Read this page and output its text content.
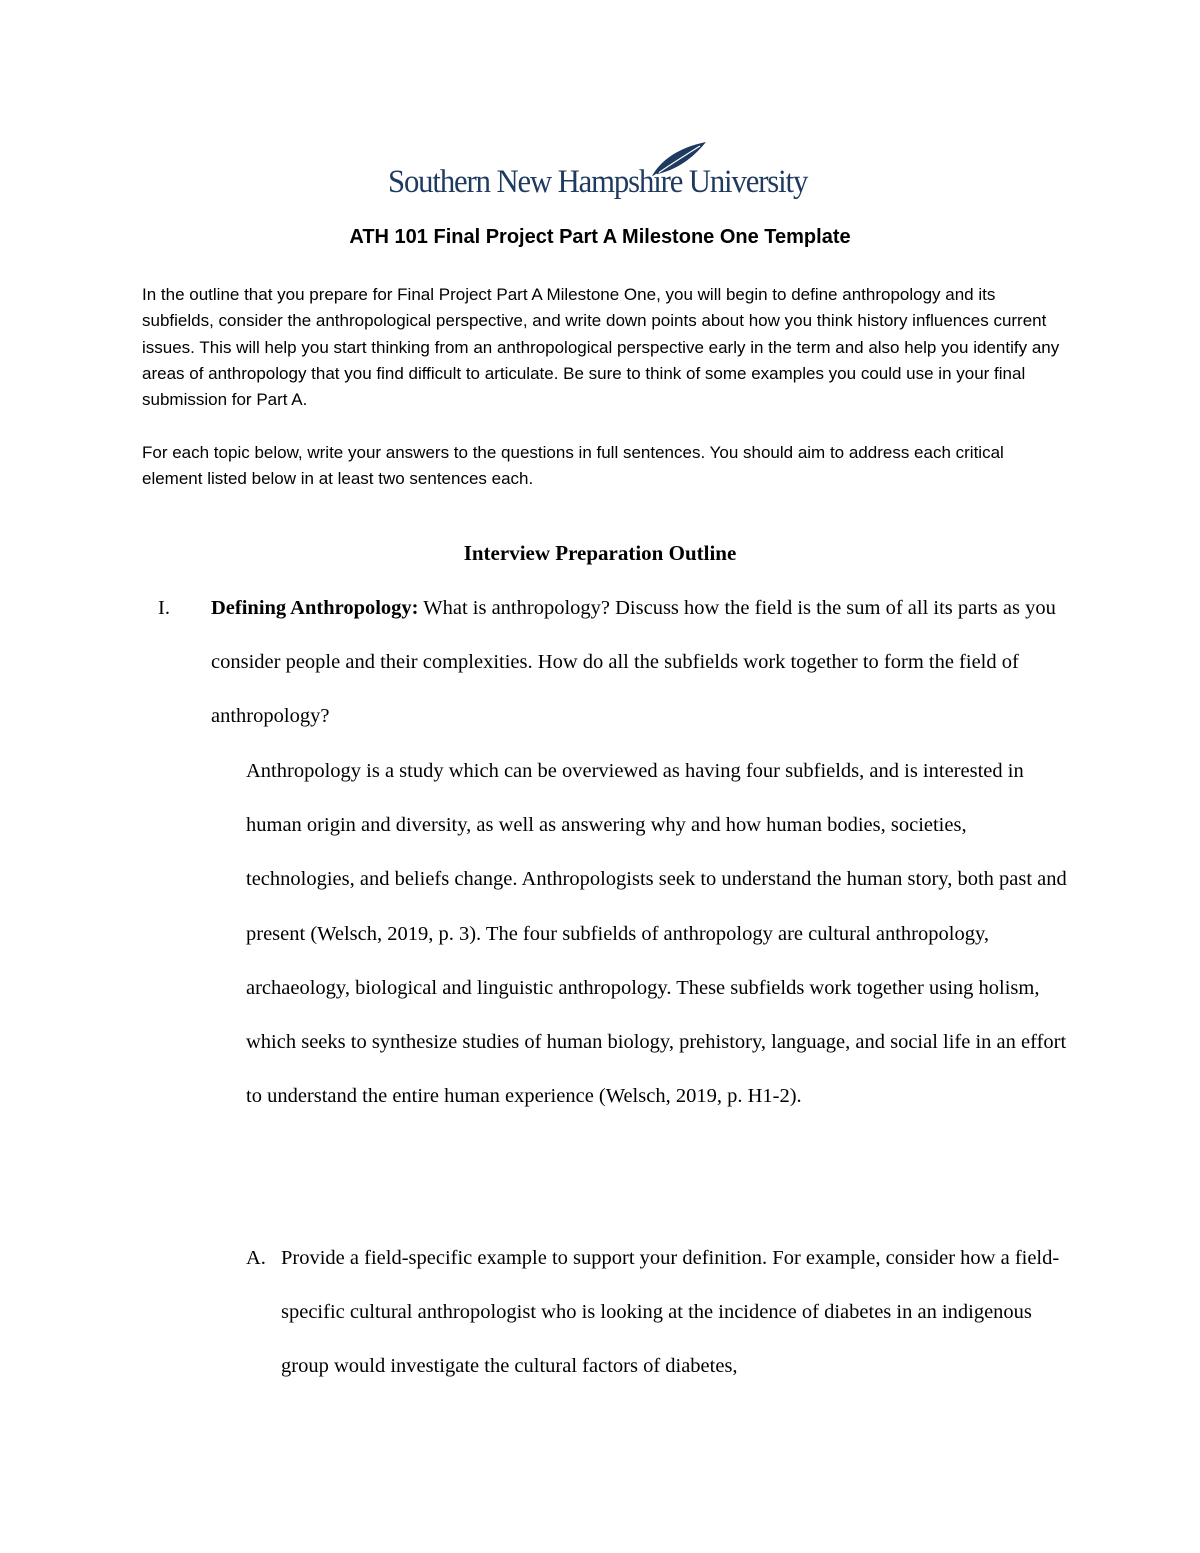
Southern New Hampshire University
ATH 101 Final Project Part A Milestone One Template
In the outline that you prepare for Final Project Part A Milestone One, you will begin to define anthropology and its subfields, consider the anthropological perspective, and write down points about how you think history influences current issues. This will help you start thinking from an anthropological perspective early in the term and also help you identify any areas of anthropology that you find difficult to articulate. Be sure to think of some examples you could use in your final submission for Part A.
For each topic below, write your answers to the questions in full sentences. You should aim to address each critical element listed below in at least two sentences each.
Interview Preparation Outline
I. Defining Anthropology: What is anthropology? Discuss how the field is the sum of all its parts as you consider people and their complexities. How do all the subfields work together to form the field of anthropology?
Anthropology is a study which can be overviewed as having four subfields, and is interested in human origin and diversity, as well as answering why and how human bodies, societies, technologies, and beliefs change. Anthropologists seek to understand the human story, both past and present (Welsch, 2019, p. 3). The four subfields of anthropology are cultural anthropology, archaeology, biological and linguistic anthropology. These subfields work together using holism, which seeks to synthesize studies of human biology, prehistory, language, and social life in an effort to understand the entire human experience (Welsch, 2019, p. H1-2).
A. Provide a field-specific example to support your definition. For example, consider how a field-specific cultural anthropologist who is looking at the incidence of diabetes in an indigenous group would investigate the cultural factors of diabetes,
